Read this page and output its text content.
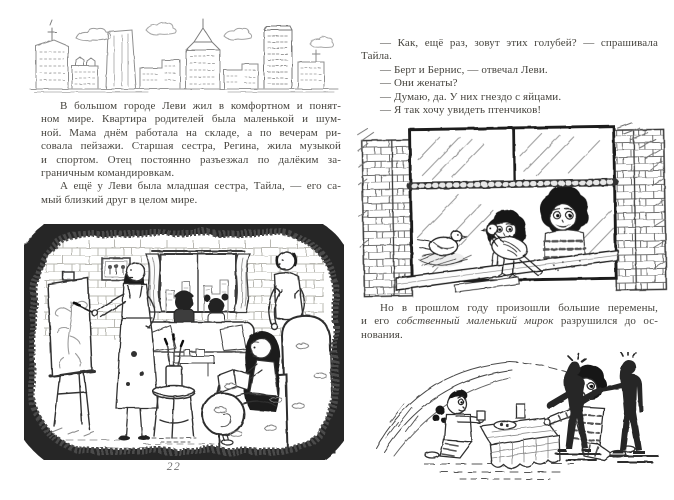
В большом городе Леви жил в комфортном и понят-
ном мире. Квартира родителей была маленькой и шум-
ной. Мама днём работала на складе, а по вечерам ри-
совала пейзажи. Старшая сестра, Регина, жила музыкой
и спортом. Отец постоянно разъезжал по далёким за-
граничным командировкам.
А ещё у Леви была младшая сестра, Тайла, — его са-
мый близкий друг в целом мире.
22
— Как, ещё раз, зовут этих голубей? — спрашивала
Тайла.
— Берт и Бернис, — отвечал Леви.
— Они женаты?
— Думаю, да. У них гнездо с яйцами.
— Я так хочу увидеть птенчиков!
Но в прошлом году произошли большие перемены,
и его собственный маленький мирок разрушился до ос-
нования.
